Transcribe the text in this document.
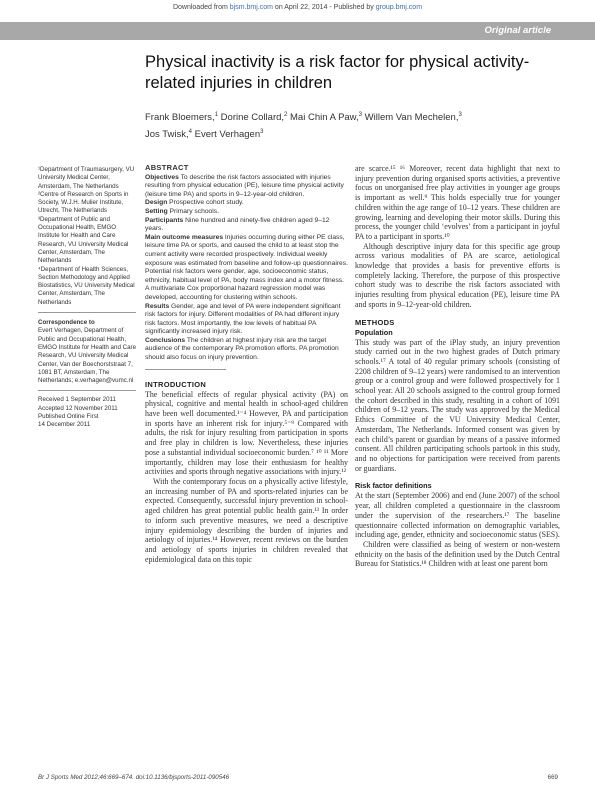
Downloaded from bjsm.bmj.com on April 22, 2014 - Published by group.bmj.com
Original article
Physical inactivity is a risk factor for physical activity-related injuries in children
Frank Bloemers,$^1$ Dorine Collard,$^2$ Mai Chin A Paw,$^3$ Willem Van Mechelen,$^3$
Jos Twisk,$^4$ Evert Verhagen$^3$

¹Department of Traumasurgery, VU University Medical Center, Amsterdam, The Netherlands

²Centre of Research on Sports in Society, W.J.H. Mulier Institute, Utrecht, The Netherlands

³Department of Public and Occupational Health, EMGO Institute for Health and Care Research, VU University Medical Center, Amsterdam, The Netherlands

⁴Department of Health Sciences, Section Methodology and Applied Biostatistics, VU University Medical Center, Amsterdam, The Netherlands

Correspondence to

Evert Verhagen, Department of Public and Occupational Health, EMGO Institute for Health and Care Research, VU University Medical Center, Van der Boechorststraat 7, 1081 BT, Amsterdam, The Netherlands; e.verhagen@vumc.nl

Received 1 September 2011

Accepted 12 November 2011

Published Online First

14 December 2011

ABSTRACT

Objectives To describe the risk factors associated with injuries resulting from physical education (PE), leisure time physical activity (leisure time PA) and sports in 9–12-year-old children.

Design Prospective cohort study.

Setting Primary schools.

Participants Nine hundred and ninety-five children aged 9–12 years.

Main outcome measures Injuries occurring during either PE class, leisure time PA or sports, and caused the child to at least stop the current activity were recorded prospectively. Individual weekly exposure was estimated from baseline and follow-up questionnaires. Potential risk factors were gender, age, socioeconomic status, ethnicity, habitual level of PA, body mass index and a motor fitness. A multivariate Cox proportional hazard regression model was developed, accounting for clustering within schools.

Results Gender, age and level of PA were independent significant risk factors for injury. Different modalities of PA had different injury risk factors. Most importantly, the low levels of habitual PA significantly increased injury risk.

Conclusions The children at highest injury risk are the target audience of the contemporary PA promotion efforts. PA promotion should also focus on injury prevention.

INTRODUCTION

The beneficial effects of regular physical activity (PA) on physical, cognitive and mental health in school-aged children have been well documented.¹⁻⁴ However, PA and participation in sports have an inherent risk for injury.⁵⁻⁹ Compared with adults, the risk for injury resulting from participation in sports and free play in children is low. Nevertheless, these injuries pose a substantial individual socioeconomic burden.⁷ ¹⁰ ¹¹ More importantly, children may lose their enthusiasm for healthy activities and sports through negative associations with injury.¹²

With the contemporary focus on a physically active lifestyle, an increasing number of PA and sports-related injuries can be expected. Consequently, successful injury prevention in school-aged children has great potential public health gain.¹³ In order to inform such preventive measures, we need a descriptive injury epidemiology describing the burden of injuries and aetiology of injuries.¹⁴ However, recent reviews on the burden and aetiology of sports injuries in children revealed that epidemiological data on this topic

are scarce.¹⁵ ¹⁶ Moreover, recent data highlight that next to injury prevention during organised sports activities, a preventive focus on unorganised free play activities in younger age groups is important as well.⁹ This holds especially true for younger children within the age range of 10–12 years. These children are growing, learning and developing their motor skills. During this process, the younger child ‘evolves’ from a participant in joyful PA to a participant in sports.¹⁰

Although descriptive injury data for this specific age group across various modalities of PA are scarce, aetiological knowledge that provides a basis for preventive efforts is completely lacking. Therefore, the purpose of this prospective cohort study was to describe the risk factors associated with injuries resulting from physical education (PE), leisure time PA and sports in 9–12-year-old children.

METHODS

Population

This study was part of the iPlay study, an injury prevention study carried out in the two highest grades of Dutch primary schools.¹⁷ A total of 40 regular primary schools (consisting of 2208 children of 9–12 years) were randomised to an intervention group or a control group and were followed prospectively for 1 school year. All 20 schools assigned to the control group formed the cohort described in this study, resulting in a cohort of 1091 children of 9–12 years. The study was approved by the Medical Ethics Committee of the VU University Medical Center, Amsterdam, The Netherlands. Informed consent was given by each child’s parent or guardian by means of a passive informed consent. All children participating schools partook in this study, and no objections for participation were received from parents or guardians.

Risk factor definitions

At the start (September 2006) and end (June 2007) of the school year, all children completed a questionnaire in the classroom under the supervision of the researchers.¹⁷ The baseline questionnaire collected information on demographic variables, including age, gender, ethnicity and socioeconomic status (SES).

Children were classified as being of western or non-western ethnicity on the basis of the definition used by the Dutch Central Bureau for Statistics.¹⁸ Children with at least one parent born

Br J Sports Med 2012;46:669–674. doi:10.1136/bjsports-2011-090546	669
